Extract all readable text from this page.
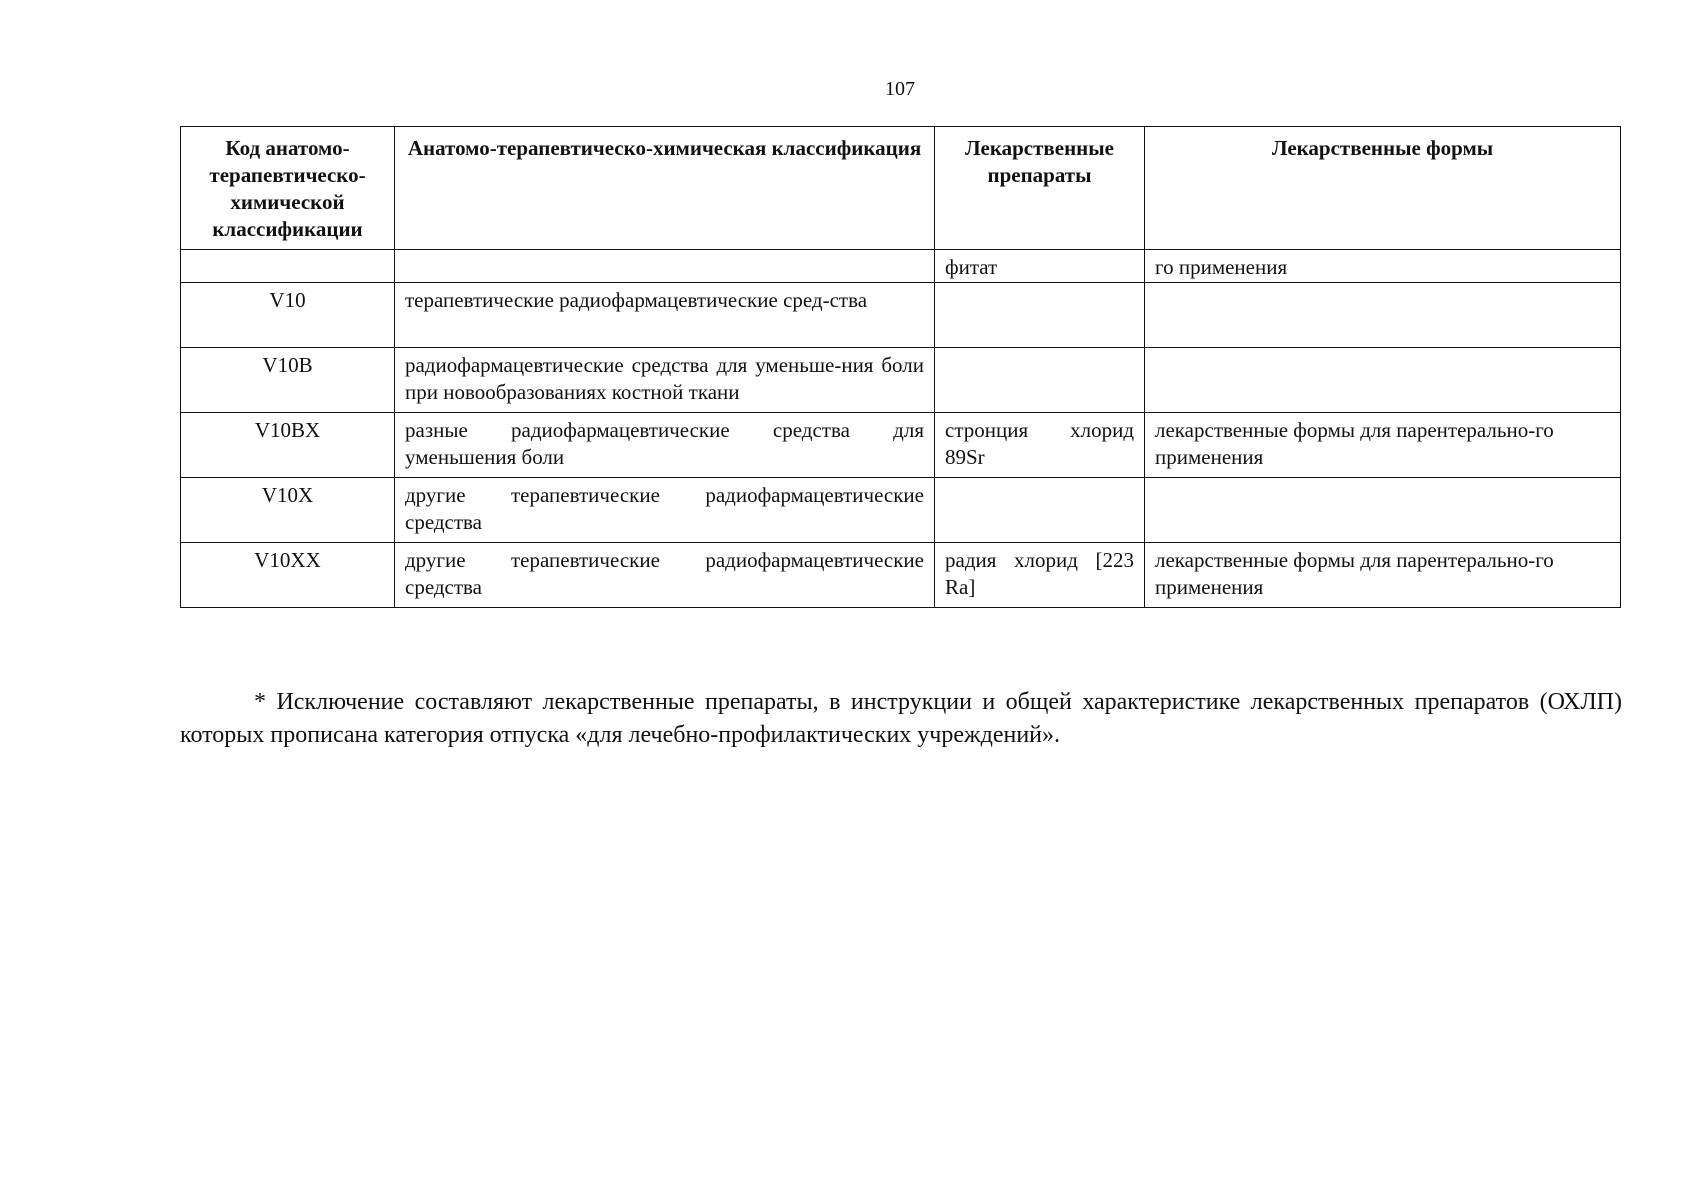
107
Код анатомо-терапевтическо-химической классификации	Анатомо-терапевтическо-химическая классификация	Лекарственные препараты	Лекарственные формы
		фитат	го применения
V10	терапевтические радиофармацевтические сред-ства		
V10B	радиофармацевтические средства для уменьше-ния боли при новообразованиях костной ткани		
V10BX	разные радиофармацевтические средства для уменьшения боли	стронция хлорид 89Sr	лекарственные формы для парентерально-го применения
V10X	другие терапевтические радиофармацевтические средства		
V10XX	другие терапевтические радиофармацевтические средства	радия хлорид [223 Ra]	лекарственные формы для парентерально-го применения

* Исключение составляют лекарственные препараты, в инструкции и общей характеристике лекарственных препаратов (ОХЛП) которых прописана категория отпуска «для лечебно-профилактических учреждений».
